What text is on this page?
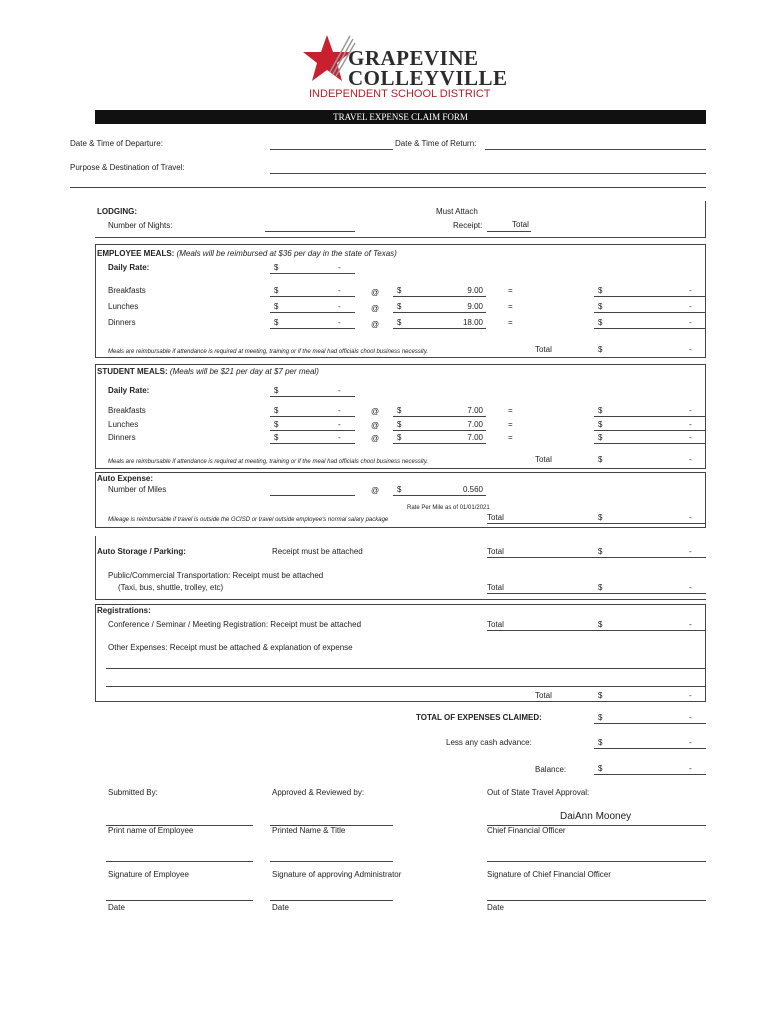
GRAPEVINE
COLLEYVILLE
INDEPENDENT SCHOOL DISTRICT
TRAVEL EXPENSE CLAIM FORM
Date & Time of Departure:	Date & Time of Return:
Purpose & Destination of Travel:
LODGING:
Number of Nights:
Must Attach
Receipt:	Total
EMPLOYEE MEALS: (Meals will be reimbursed at $36 per day in the state of Texas)
Daily Rate:	$	-
Breakfasts	$	-	@ $	9.00	=	$	-
Lunches	$	-	@ $	9.00	=	$	-
Dinners	$	-	@ $	18.00	=	$	-
Meals are reimbursable if attendance is required at meeting, training or if the meal had officials chool business necessity.	Total	$	-
STUDENT MEALS: (Meals will be $21 per day at $7 per meal)
Daily Rate:	$	-
Breakfasts	$	-	@ $	7.00	=	$	-
Lunches	$	-	@ $	7.00	=	$	-
Dinners	$	-	@ $	7.00	=	$	-
Meals are reimbursable if attendance is required at meeting, training or if the meal had officials chool business necessity.	Total	$	-
Auto Expense:
Number of Miles	@ $	0.560
Rate Per Mile as of 01/01/2021
Mileage is reimbursable if travel is outside the GCISD or travel outside employee's normal salary package	Total	$	-
Auto Storage / Parking:	Receipt must be attached	Total	$	-
Public/Commercial Transportation: Receipt must be attached
(Taxi, bus, shuttle, trolley, etc)	Total	$	-
Registrations:
Conference / Seminar / Meeting Registration: Receipt must be attached	Total	$	-
Other Expenses: Receipt must be attached & explanation of expense
Total	$	-
TOTAL OF EXPENSES CLAIMED:	$	-
Less any cash advance:	$	-
Balance:	$	-
Submitted By:	Approved & Reviewed by:	Out of State Travel Approval:
DaiAnn Mooney
Print name of Employee	Printed Name & Title	Chief Financial Officer
Signature of Employee	Signature of approving Administrator	Signature of Chief Financial Officer
Date	Date	Date
